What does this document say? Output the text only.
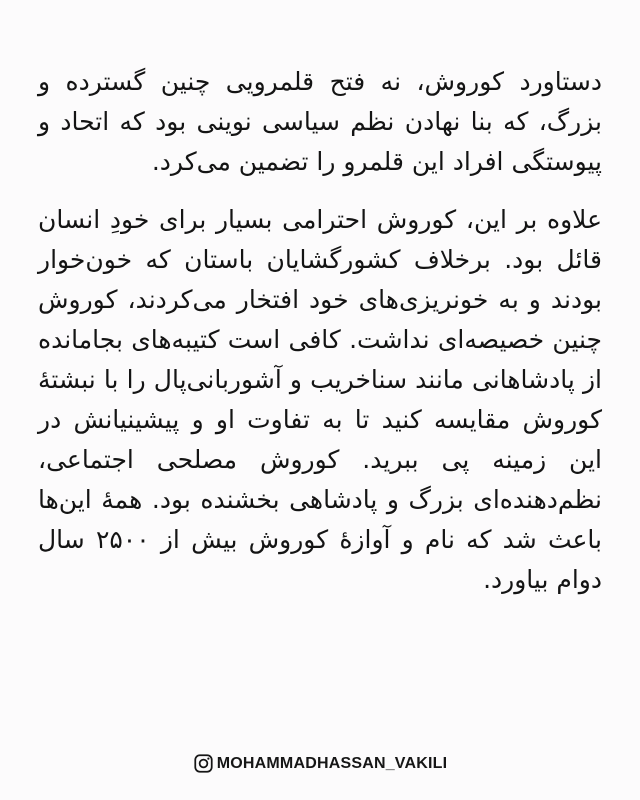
دستاورد کوروش، نه فتح قلمرویی چنین گسترده و بزرگ، که بنا نهادن نظم سیاسی نوینی بود که اتحاد و پیوستگی افراد این قلمرو را تضمین می‌کرد.

علاوه بر این، کوروش احترامی بسیار برای خودِ انسان قائل بود. برخلاف کشورگشایان باستان که خون‌خوار بودند و به خونریزی‌های خود افتخار می‌کردند، کوروش چنین خصیصه‌ای نداشت. کافی است کتیبه‌های بجامانده از پادشاهانی مانند سناخریب و آشوربانی‌پال را با نبشتۀ کوروش مقایسه کنید تا به تفاوت او و پیشینیانش در این زمینه پی ببرید. کوروش مصلحی اجتماعی، نظم‌دهنده‌ای بزرگ و پادشاهی بخشنده بود. همۀ این‌ها باعث شد که نام و آوازۀ کوروش بیش از ۲۵۰۰ سال دوام بیاورد.

MOHAMMADHASSAN_VAKILI
